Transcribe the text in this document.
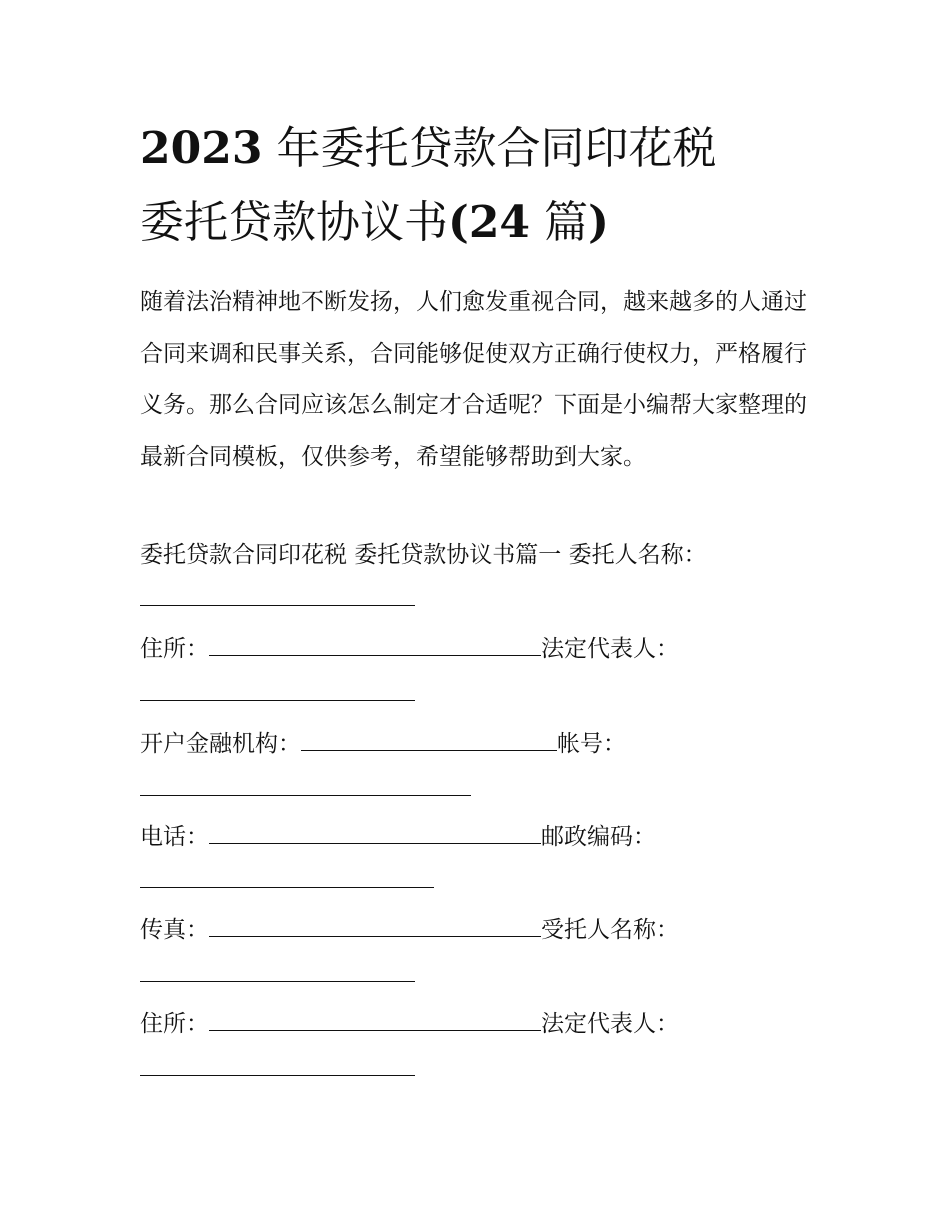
2023 年委托贷款合同印花税
委托贷款协议书(24 篇)

随着法治精神地不断发扬，人们愈发重视合同，越来越多的人通过合同来调和民事关系，合同能够促使双方正确行使权力，严格履行义务。那么合同应该怎么制定才合适呢？下面是小编帮大家整理的最新合同模板，仅供参考，希望能够帮助到大家。

委托贷款合同印花税 委托贷款协议书篇一 委托人名称：
住所：	法定代表人：
开户金融机构：	帐号：
电话：	邮政编码：
传真：	受托人名称：
住所：	法定代表人：
